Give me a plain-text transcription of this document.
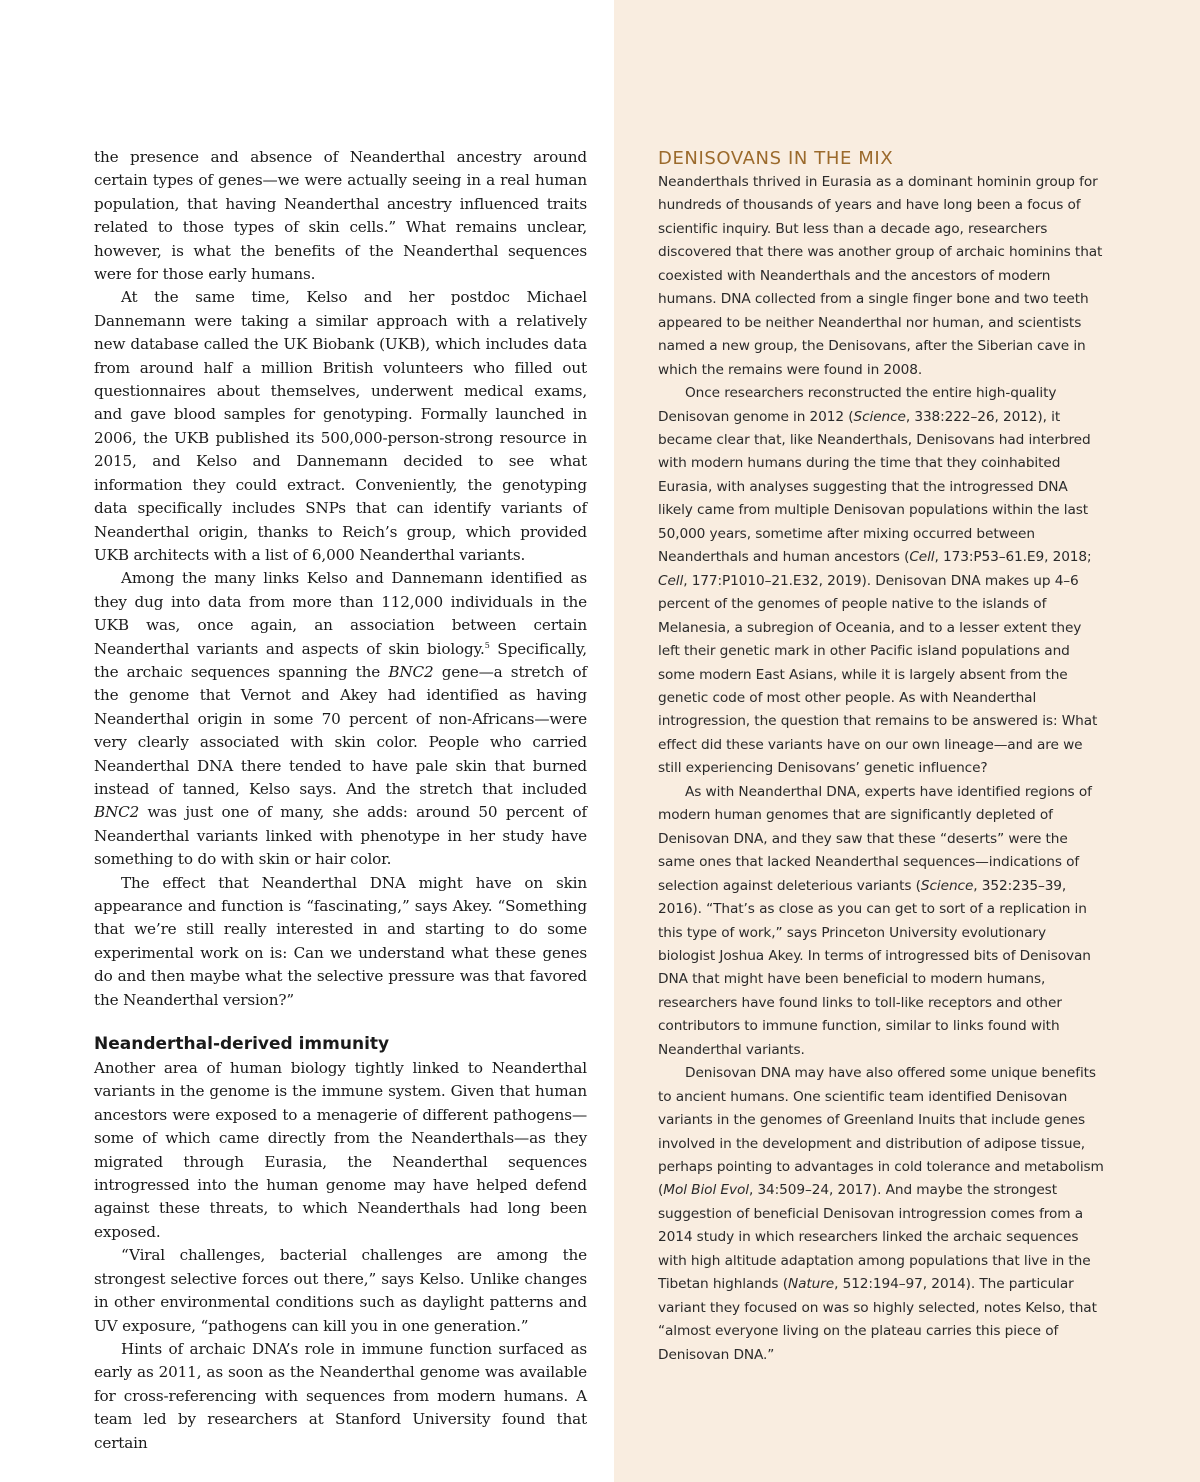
the presence and absence of Neanderthal ancestry around certain types of genes—we were actually seeing in a real human population, that having Neanderthal ancestry influenced traits related to those types of skin cells.” What remains unclear, however, is what the benefits of the Neanderthal sequences were for those early humans.

At the same time, Kelso and her postdoc Michael Dannemann were taking a similar approach with a relatively new database called the UK Biobank (UKB), which includes data from around half a million British volunteers who filled out questionnaires about themselves, underwent medical exams, and gave blood samples for genotyping. Formally launched in 2006, the UKB published its 500,000-person-strong resource in 2015, and Kelso and Dannemann decided to see what information they could extract. Conveniently, the genotyping data specifically includes SNPs that can identify variants of Neanderthal origin, thanks to Reich’s group, which provided UKB architects with a list of 6,000 Neanderthal variants.

Among the many links Kelso and Dannemann identified as they dug into data from more than 112,000 individuals in the UKB was, once again, an association between certain Neanderthal variants and aspects of skin biology.$^5$ Specifically, the archaic sequences spanning the BNC2 gene—a stretch of the genome that Vernot and Akey had identified as having Neanderthal origin in some 70 percent of non-Africans—were very clearly associated with skin color. People who carried Neanderthal DNA there tended to have pale skin that burned instead of tanned, Kelso says. And the stretch that included BNC2 was just one of many, she adds: around 50 percent of Neanderthal variants linked with phenotype in her study have something to do with skin or hair color.

The effect that Neanderthal DNA might have on skin appearance and function is “fascinating,” says Akey. “Something that we’re still really interested in and starting to do some experimental work on is: Can we understand what these genes do and then maybe what the selective pressure was that favored the Neanderthal version?”

Neanderthal-derived immunity

Another area of human biology tightly linked to Neanderthal variants in the genome is the immune system. Given that human ancestors were exposed to a menagerie of different pathogens—some of which came directly from the Neanderthals—as they migrated through Eurasia, the Neanderthal sequences introgressed into the human genome may have helped defend against these threats, to which Neanderthals had long been exposed.

“Viral challenges, bacterial challenges are among the strongest selective forces out there,” says Kelso. Unlike changes in other environmental conditions such as daylight patterns and UV exposure, “pathogens can kill you in one generation.”

Hints of archaic DNA’s role in immune function surfaced as early as 2011, as soon as the Neanderthal genome was available for cross-referencing with sequences from modern humans. A team led by researchers at Stanford University found that certain

DENISOVANS IN THE MIX

Neanderthals thrived in Eurasia as a dominant hominin group for hundreds of thousands of years and have long been a focus of scientific inquiry. But less than a decade ago, researchers discovered that there was another group of archaic hominins that coexisted with Neanderthals and the ancestors of modern humans. DNA collected from a single finger bone and two teeth appeared to be neither Neanderthal nor human, and scientists named a new group, the Denisovans, after the Siberian cave in which the remains were found in 2008.

Once researchers reconstructed the entire high-quality Denisovan genome in 2012 (Science, 338:222–26, 2012), it became clear that, like Neanderthals, Denisovans had interbred with modern humans during the time that they coinhabited Eurasia, with analyses suggesting that the introgressed DNA likely came from multiple Denisovan populations within the last 50,000 years, sometime after mixing occurred between Neanderthals and human ancestors (Cell, 173:P53–61.E9, 2018; Cell, 177:P1010–21.E32, 2019). Denisovan DNA makes up 4–6 percent of the genomes of people native to the islands of Melanesia, a subregion of Oceania, and to a lesser extent they left their genetic mark in other Pacific island populations and some modern East Asians, while it is largely absent from the genetic code of most other people. As with Neanderthal introgression, the question that remains to be answered is: What effect did these variants have on our own lineage—and are we still experiencing Denisovans’ genetic influence?

As with Neanderthal DNA, experts have identified regions of modern human genomes that are significantly depleted of Denisovan DNA, and they saw that these “deserts” were the same ones that lacked Neanderthal sequences—indications of selection against deleterious variants (Science, 352:235–39, 2016). “That’s as close as you can get to sort of a replication in this type of work,” says Princeton University evolutionary biologist Joshua Akey. In terms of introgressed bits of Denisovan DNA that might have been beneficial to modern humans, researchers have found links to toll-like receptors and other contributors to immune function, similar to links found with Neanderthal variants.

Denisovan DNA may have also offered some unique benefits to ancient humans. One scientific team identified Denisovan variants in the genomes of Greenland Inuits that include genes involved in the development and distribution of adipose tissue, perhaps pointing to advantages in cold tolerance and metabolism (Mol Biol Evol, 34:509–24, 2017). And maybe the strongest suggestion of beneficial Denisovan introgression comes from a 2014 study in which researchers linked the archaic sequences with high altitude adaptation among populations that live in the Tibetan highlands (Nature, 512:194–97, 2014). The particular variant they focused on was so highly selected, notes Kelso, that “almost everyone living on the plateau carries this piece of Denisovan DNA.”
